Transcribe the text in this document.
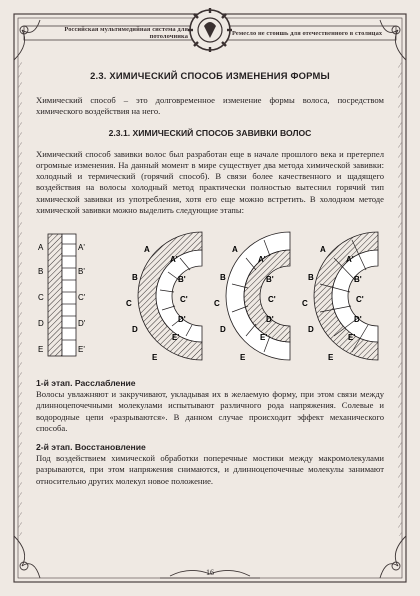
Российская мультимедийная система для потолочника	Ремесло не стоишь для отечественного в столицах
2.3. ХИМИЧЕСКИЙ СПОСОБ ИЗМЕНЕНИЯ ФОРМЫ

Химический способ – это долговременное изменение формы волоса, посредством химического воздействия на него.

2.3.1. ХИМИЧЕСКИЙ СПОСОБ ЗАВИВКИ ВОЛОС

Химический способ завивки волос был разработан еще в начале прошлого века и претерпел огромные изменения. На данный момент в мире существует два метода химической завивки: холодный и термический (горячий способ). В связи более качественного и щадящего воздействия на волосы холодный метод практически полностью вытеснил горячий тип химической завивки из употребления, хотя его еще можно встретить. В холодном методе химической завивки можно выделить следующие этапы:

A
B
C
D
E
A'
B'
C'
D'
E'
A
B
C
D
E
A'
B'
C'
D'
E'
A
B
C
D
E
A'
B'
C'
D'
E'
A
B
C
D
E
A'
B'
C'
D'
E'
1-й этап. Расслабление

Волосы увлажняют и закручивают, укладывая их в желаемую форму, при этом связи между длинноцепочечными молекулами испытывают различного рода напряжения. Солевые и водородные цепи «разрываются». В данном случае происходит эффект механического способа.

2-й этап. Восстановление

Под воздействием химической обработки поперечные мостики между макромолекулами разрываются, при этом напряжения снимаются, и длинноцепочечные молекулы занимают относительно других молекул новое положение.

16
